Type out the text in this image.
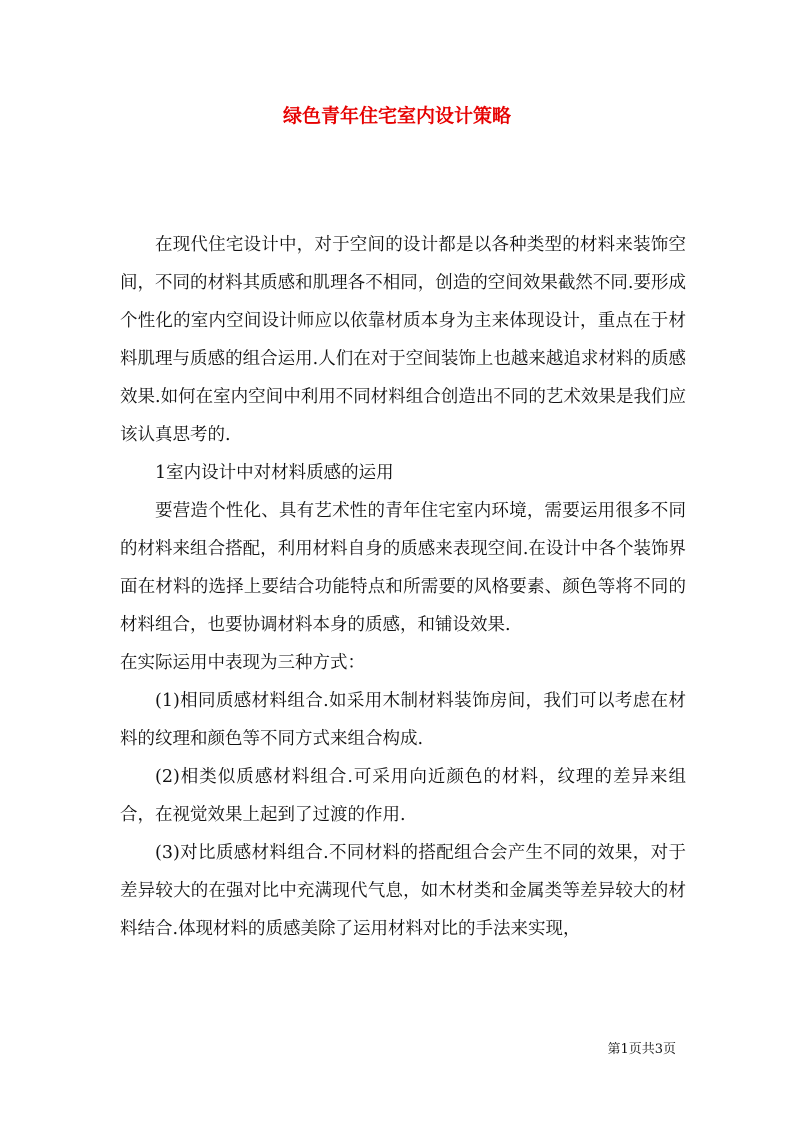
绿色青年住宅室内设计策略

在现代住宅设计中，对于空间的设计都是以各种类型的材料来装饰空间，不同的材料其质感和肌理各不相同，创造的空间效果截然不同.要形成个性化的室内空间设计师应以依靠材质本身为主来体现设计，重点在于材料肌理与质感的组合运用.人们在对于空间装饰上也越来越追求材料的质感效果.如何在室内空间中利用不同材料组合创造出不同的艺术效果是我们应该认真思考的.

1室内设计中对材料质感的运用

要营造个性化、具有艺术性的青年住宅室内环境，需要运用很多不同的材料来组合搭配，利用材料自身的质感来表现空间.在设计中各个装饰界面在材料的选择上要结合功能特点和所需要的风格要素、颜色等将不同的材料组合，也要协调材料本身的质感，和铺设效果.

在实际运用中表现为三种方式：

(1)相同质感材料组合.如采用木制材料装饰房间，我们可以考虑在材料的纹理和颜色等不同方式来组合构成.

(2)相类似质感材料组合.可采用向近颜色的材料，纹理的差异来组合，在视觉效果上起到了过渡的作用.

(3)对比质感材料组合.不同材料的搭配组合会产生不同的效果，对于差异较大的在强对比中充满现代气息，如木材类和金属类等差异较大的材料结合.体现材料的质感美除了运用材料对比的手法来实现，

第1页共3页
